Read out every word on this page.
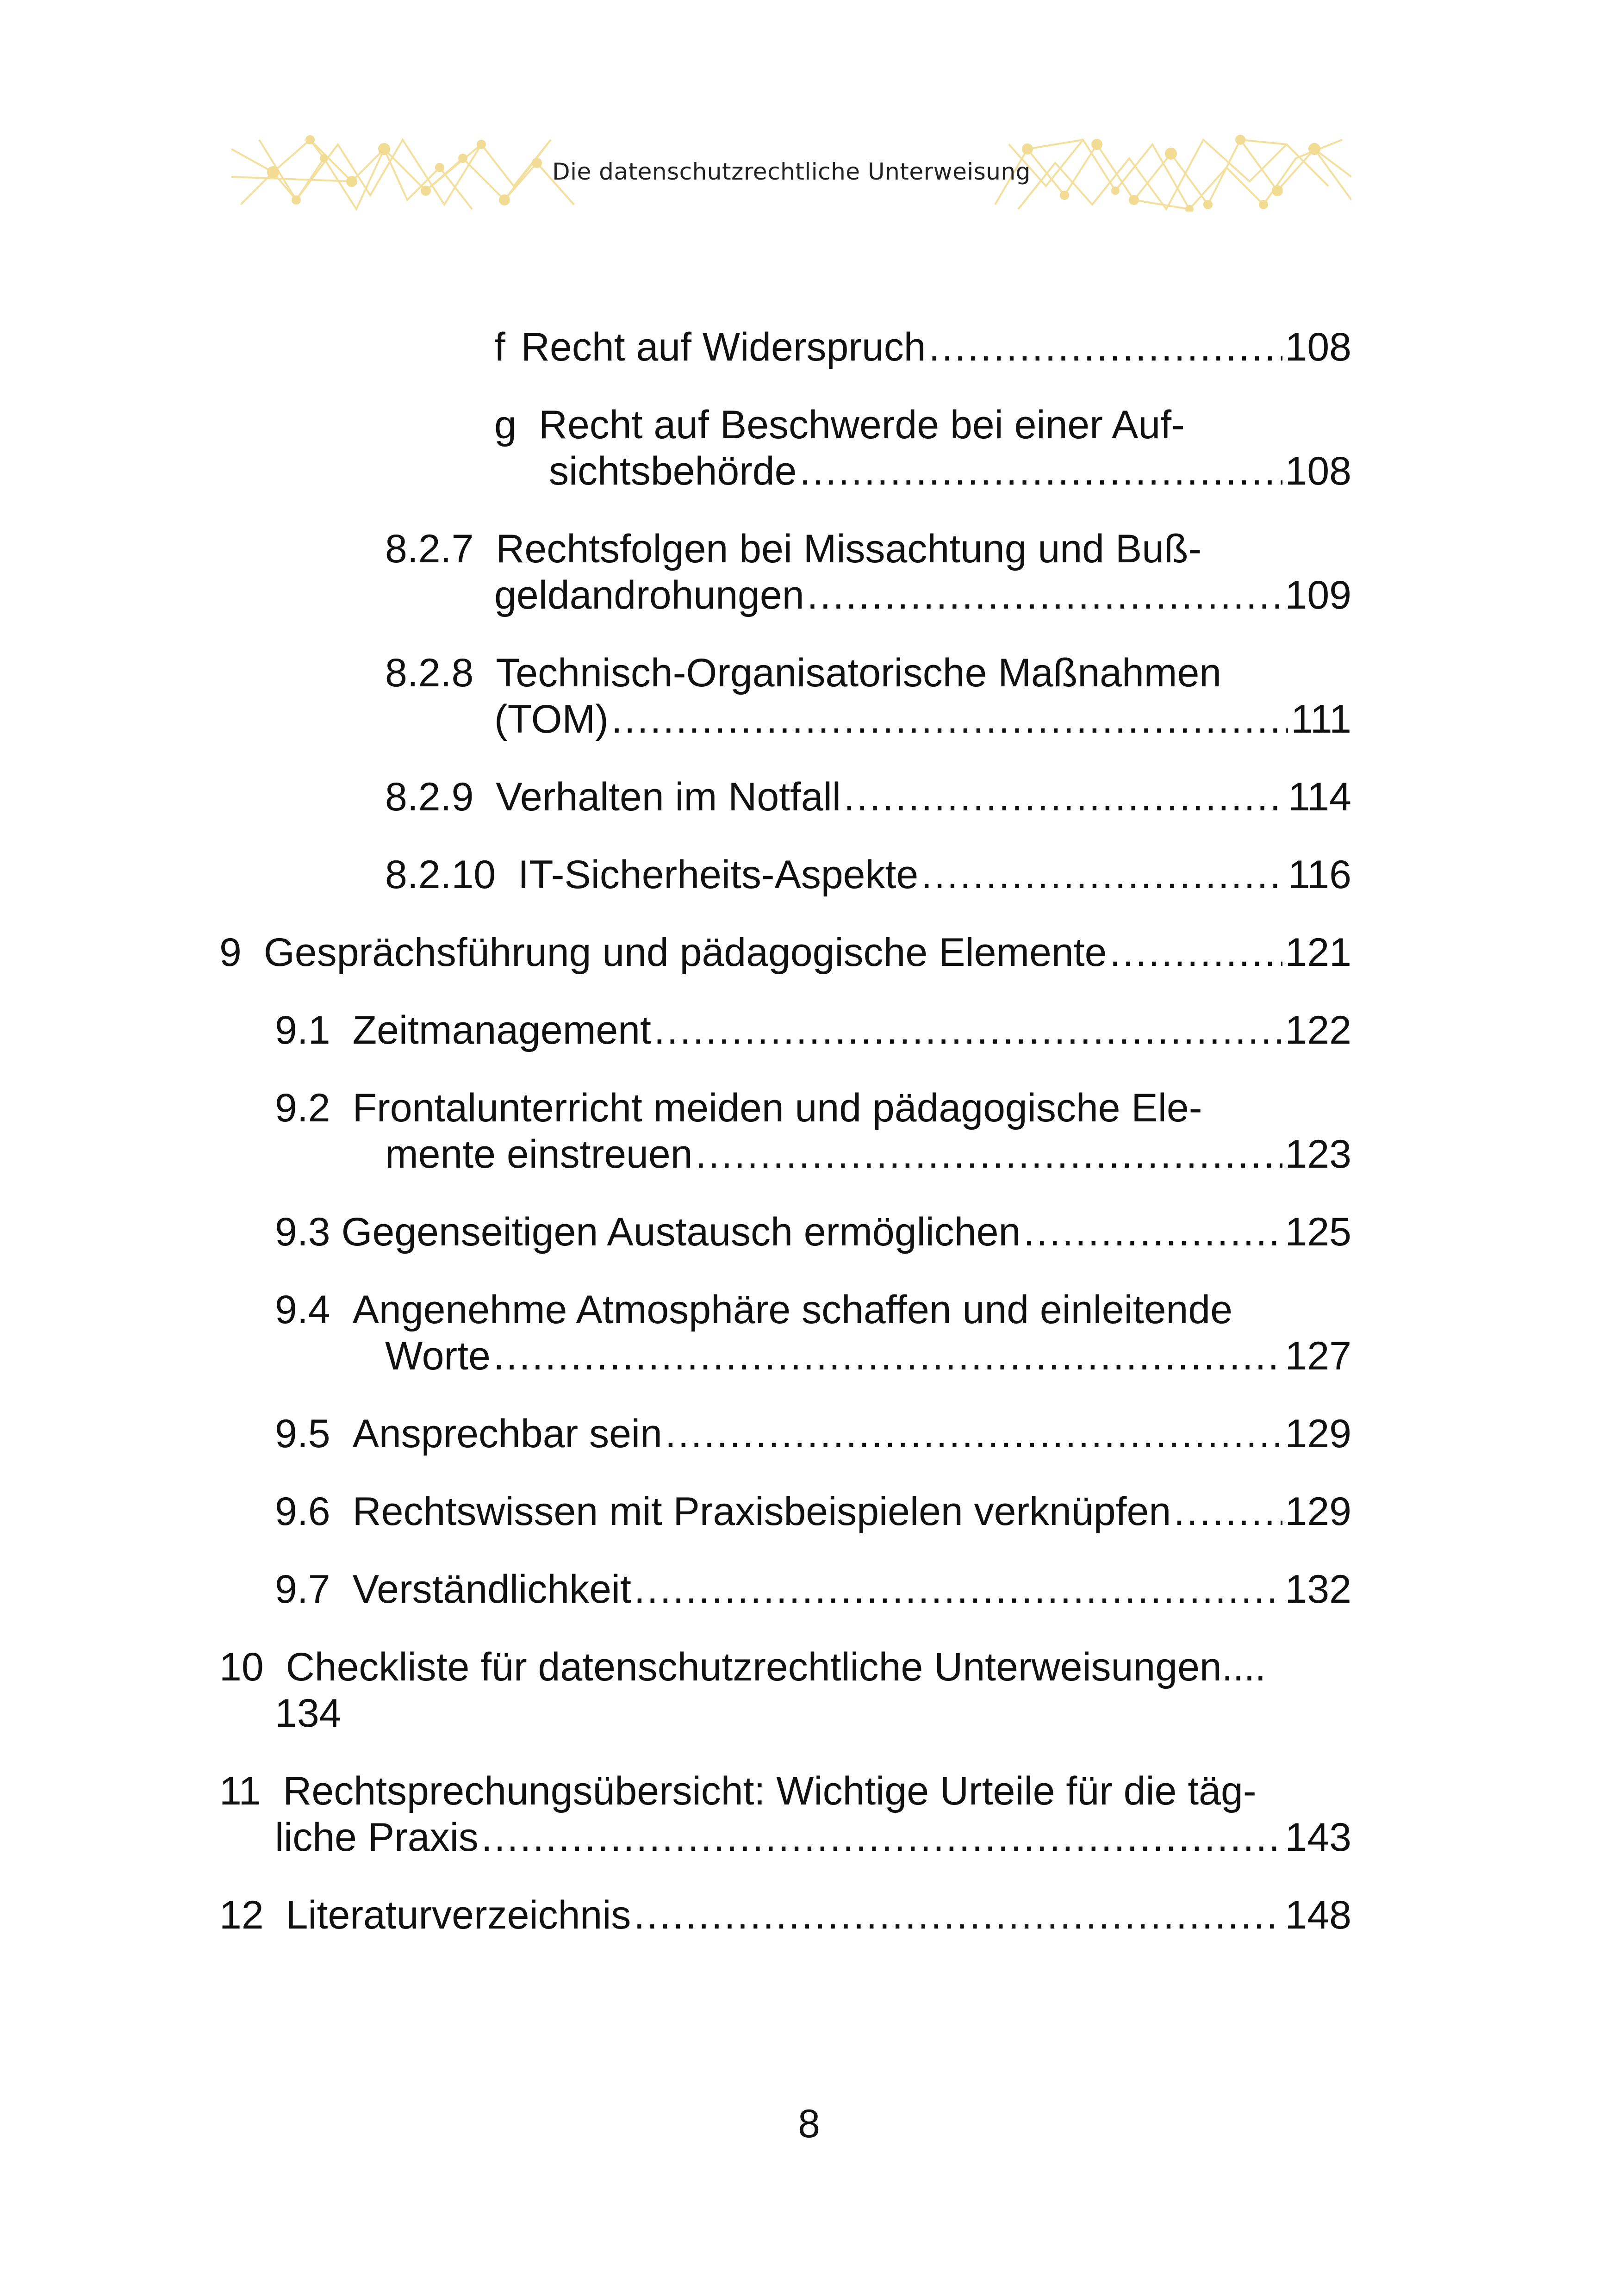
Die datenschutzrechtliche Unterweisung
f Recht auf Widerspruch .....	108
g Recht auf Beschwerde bei einer Auf-
sichtsbehörde .....	108
8.2.7 Rechtsfolgen bei Missachtung und Buß-
geldandrohungen .....	109
8.2.8 Technisch-Organisatorische Maßnahmen
(TOM) .....	111
8.2.9 Verhalten im Notfall .....	114
8.2.10 IT-Sicherheits-Aspekte .....	116
9 Gesprächsführung und pädagogische Elemente .....	121
9.1 Zeitmanagement .....	122
9.2 Frontalunterricht meiden und pädagogische Ele-
mente einstreuen .....	123
9.3 Gegenseitigen Austausch ermöglichen .....	125
9.4 Angenehme Atmosphäre schaffen und einleitende
Worte .....	127
9.5 Ansprechbar sein .....	129
9.6 Rechtswissen mit Praxisbeispielen verknüpfen .....	129
9.7 Verständlichkeit .....	132
10 Checkliste für datenschutzrechtliche Unterweisungen....
134
11 Rechtsprechungsübersicht: Wichtige Urteile für die täg-
liche Praxis .....	143
12 Literaturverzeichnis .....	148
8
